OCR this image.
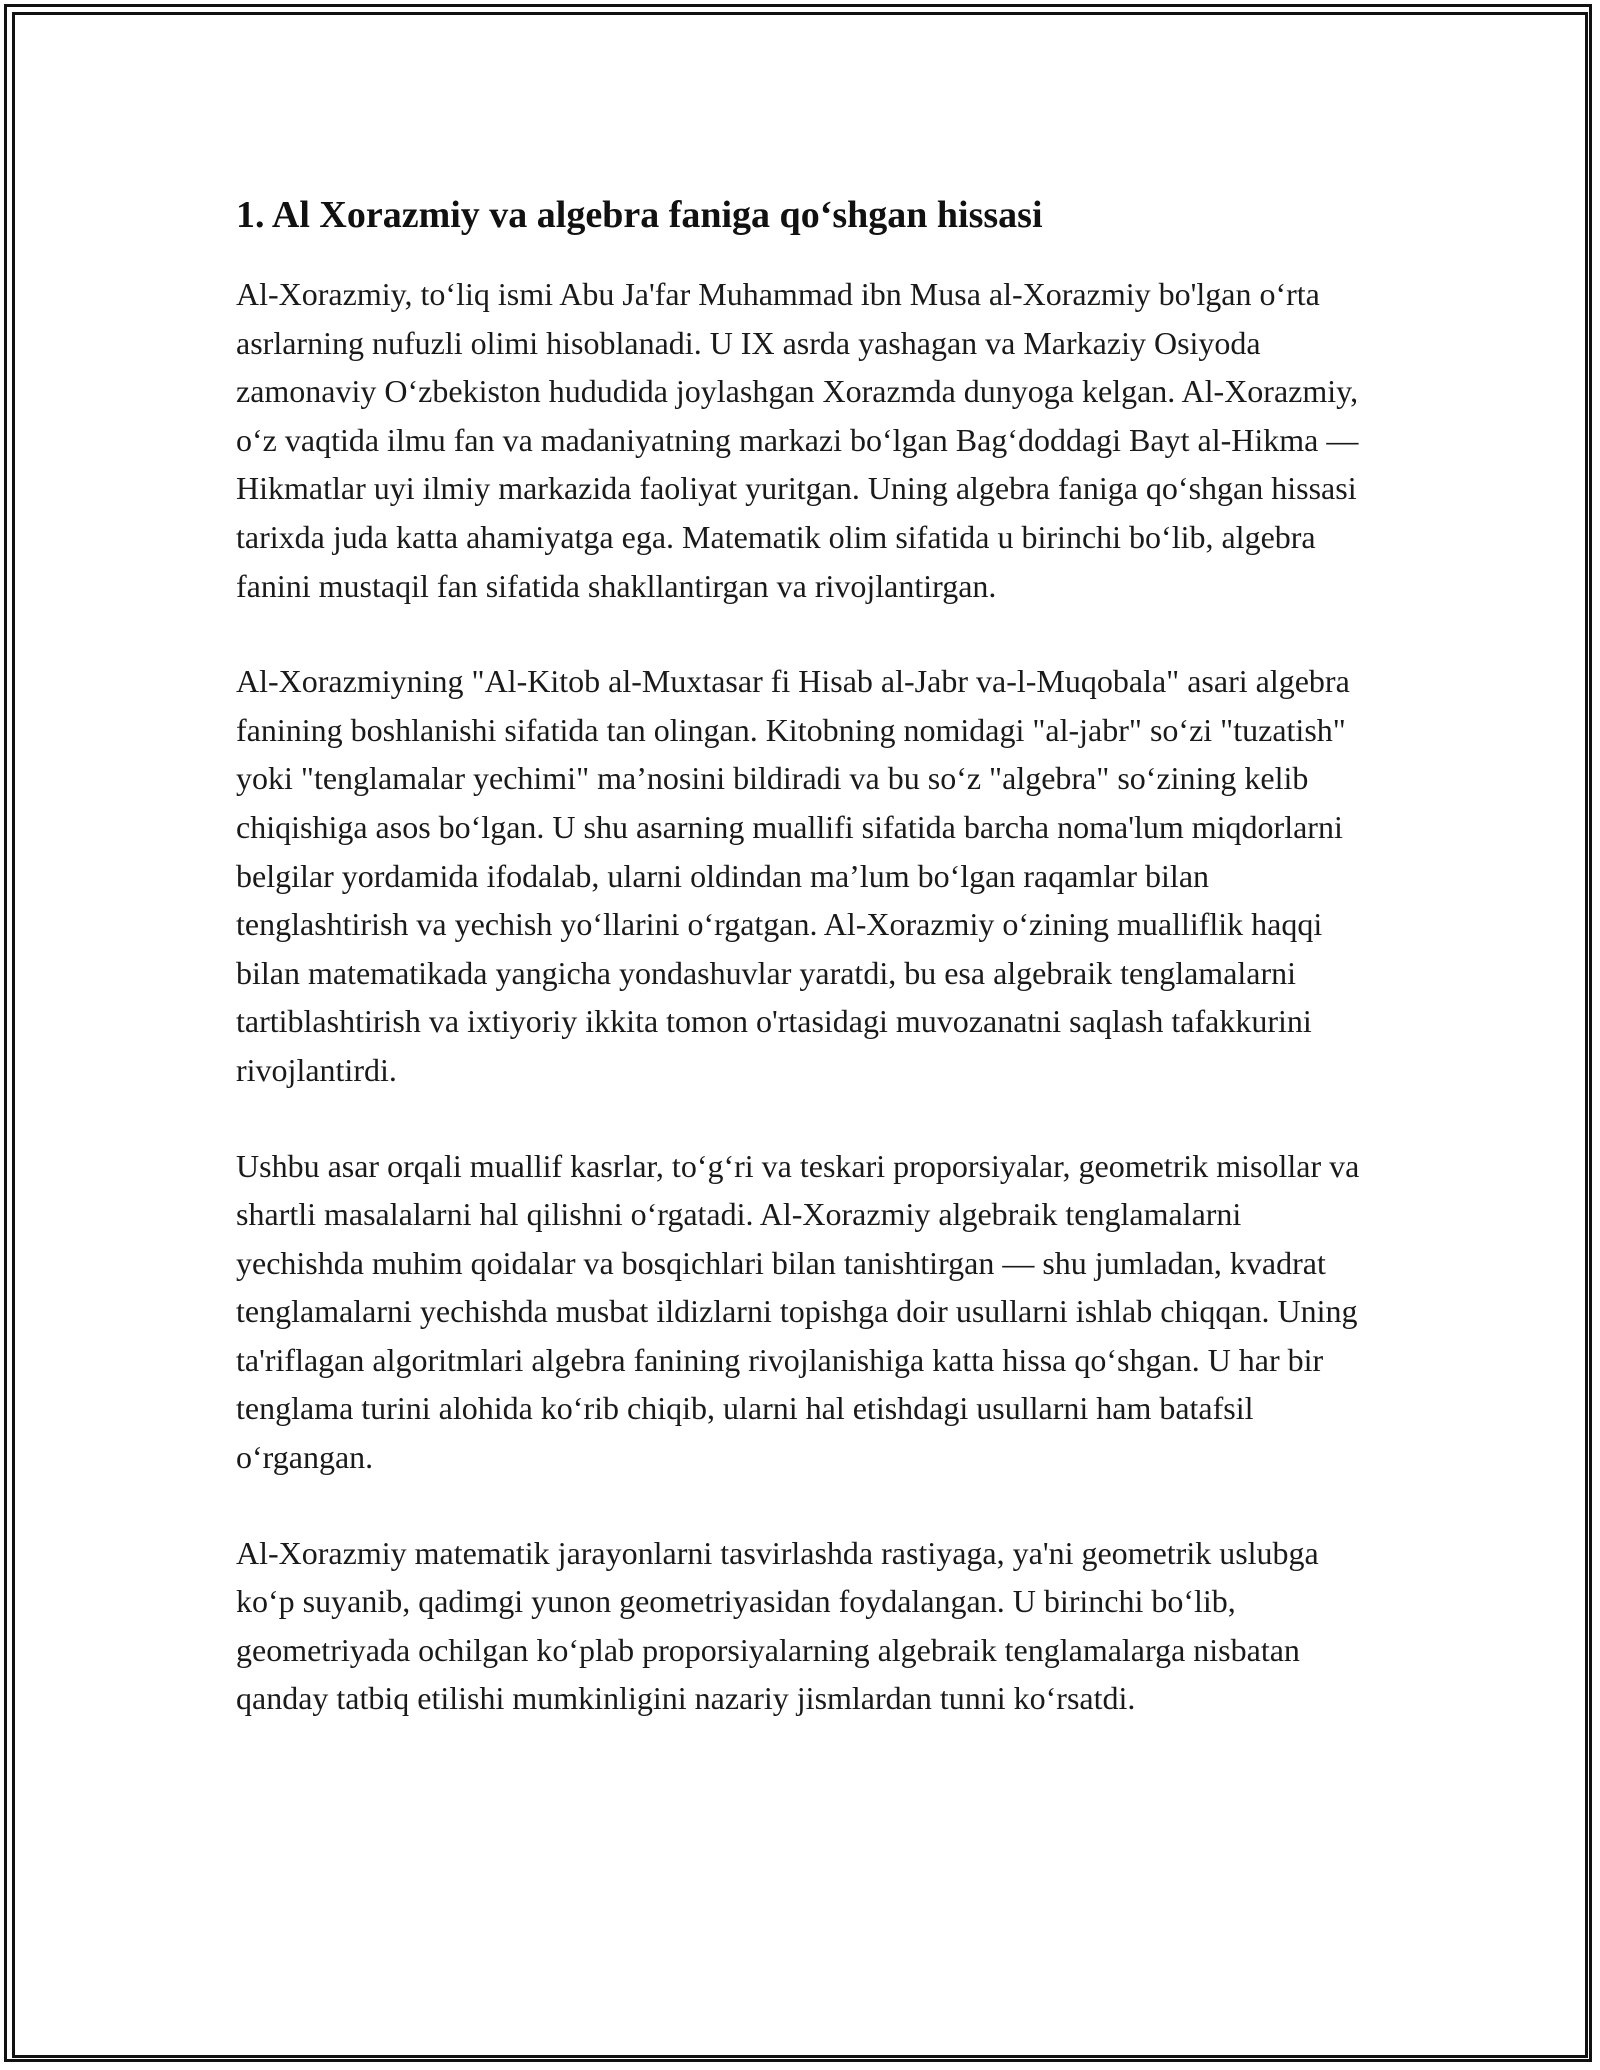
1. Al Xorazmiy va algebra faniga qo‘shgan hissasi

Al-Xorazmiy, to‘liq ismi Abu Ja'far Muhammad ibn Musa al-Xorazmiy bo'lgan o‘rta asrlarning nufuzli olimi hisoblanadi. U IX asrda yashagan va Markaziy Osiyoda zamonaviy O‘zbekiston hududida joylashgan Xorazmda dunyoga kelgan. Al-Xorazmiy, o‘z vaqtida ilmu fan va madaniyatning markazi bo‘lgan Bag‘doddagi Bayt al-Hikma — Hikmatlar uyi ilmiy markazida faoliyat yuritgan. Uning algebra faniga qo‘shgan hissasi tarixda juda katta ahamiyatga ega. Matematik olim sifatida u birinchi bo‘lib, algebra fanini mustaqil fan sifatida shakllantirgan va rivojlantirgan.

Al-Xorazmiyning "Al-Kitob al-Muxtasar fi Hisab al-Jabr va-l-Muqobala" asari algebra fanining boshlanishi sifatida tan olingan. Kitobning nomidagi "al-jabr" so‘zi "tuzatish" yoki "tenglamalar yechimi" ma’nosini bildiradi va bu so‘z "algebra" so‘zining kelib chiqishiga asos bo‘lgan. U shu asarning muallifi sifatida barcha noma'lum miqdorlarni belgilar yordamida ifodalab, ularni oldindan ma’lum bo‘lgan raqamlar bilan tenglashtirish va yechish yo‘llarini o‘rgatgan. Al-Xorazmiy o‘zining mualliflik haqqi bilan matematikada yangicha yondashuvlar yaratdi, bu esa algebraik tenglamalarni tartiblashtirish va ixtiyoriy ikkita tomon o'rtasidagi muvozanatni saqlash tafakkurini rivojlantirdi.

Ushbu asar orqali muallif kasrlar, to‘g‘ri va teskari proporsiyalar, geometrik misollar va shartli masalalarni hal qilishni o‘rgatadi. Al-Xorazmiy algebraik tenglamalarni yechishda muhim qoidalar va bosqichlari bilan tanishtirgan — shu jumladan, kvadrat tenglamalarni yechishda musbat ildizlarni topishga doir usullarni ishlab chiqqan. Uning ta'riflagan algoritmlari algebra fanining rivojlanishiga katta hissa qo‘shgan. U har bir tenglama turini alohida ko‘rib chiqib, ularni hal etishdagi usullarni ham batafsil o‘rgangan.

Al-Xorazmiy matematik jarayonlarni tasvirlashda rastiyaga, ya'ni geometrik uslubga ko‘p suyanib, qadimgi yunon geometriyasidan foydalangan. U birinchi bo‘lib, geometriyada ochilgan ko‘plab proporsiyalarning algebraik tenglamalarga nisbatan qanday tatbiq etilishi mumkinligini nazariy jismlardan tunni ko‘rsatdi.
